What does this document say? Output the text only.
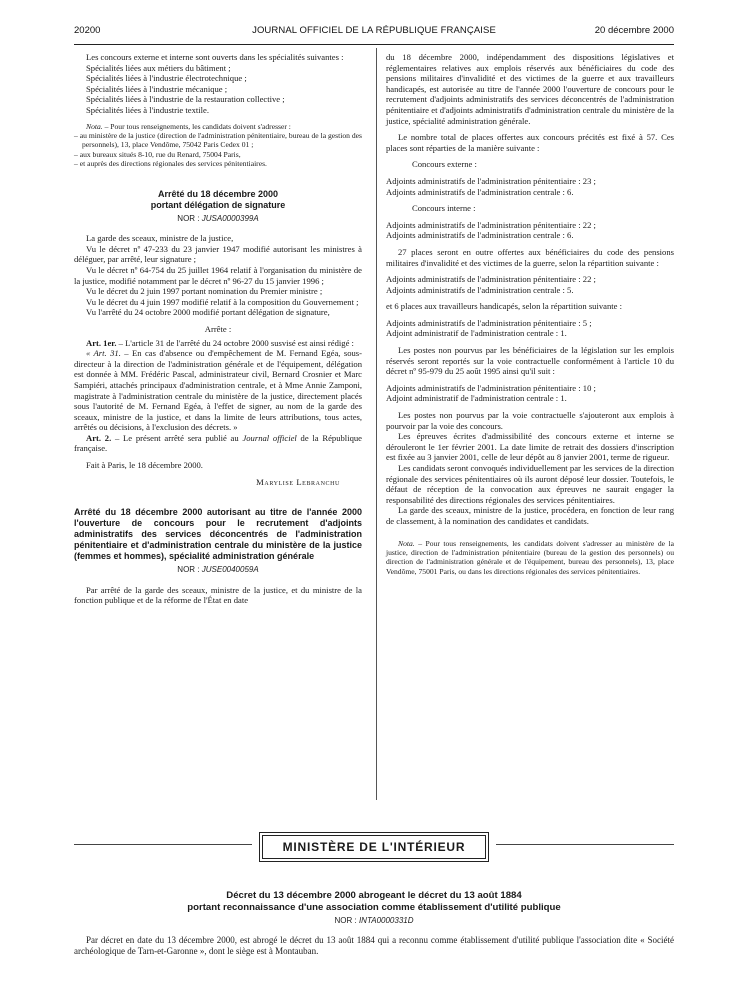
20200	JOURNAL OFFICIEL DE LA RÉPUBLIQUE FRANÇAISE	20 décembre 2000

Les concours externe et interne sont ouverts dans les spécialités suivantes :

Spécialités liées aux métiers du bâtiment ;

Spécialités liées à l'industrie électrotechnique ;

Spécialités liées à l'industrie mécanique ;

Spécialités liées à l'industrie de la restauration collective ;

Spécialités liées à l'industrie textile.

Nota. – Pour tous renseignements, les candidats doivent s'adresser :

– au ministère de la justice (direction de l'administration pénitentiaire, bureau de la gestion des personnels), 13, place Vendôme, 75042 Paris Cedex 01 ;

– aux bureaux situés 8-10, rue du Renard, 75004 Paris,

– et auprès des directions régionales des services pénitentiaires.

Arrêté du 18 décembre 2000
portant délégation de signature

NOR : JUSA0000399A

La garde des sceaux, ministre de la justice,

Vu le décret nº 47-233 du 23 janvier 1947 modifié autorisant les ministres à déléguer, par arrêté, leur signature ;

Vu le décret nº 64-754 du 25 juillet 1964 relatif à l'organisation du ministère de la justice, modifié notamment par le décret nº 96-27 du 15 janvier 1996 ;

Vu le décret du 2 juin 1997 portant nomination du Premier ministre ;

Vu le décret du 4 juin 1997 modifié relatif à la composition du Gouvernement ;

Vu l'arrêté du 24 octobre 2000 modifié portant délégation de signature,

Arrête :

Art. 1er. – L'article 31 de l'arrêté du 24 octobre 2000 susvisé est ainsi rédigé :

« Art. 31. – En cas d'absence ou d'empêchement de M. Fernand Egéa, sous-directeur à la direction de l'administration générale et de l'équipement, délégation est donnée à MM. Frédéric Pascal, administrateur civil, Bernard Crosnier et Marc Sampiéri, attachés principaux d'administration centrale, et à Mme Annie Zamponi, magistrate à l'administration centrale du ministère de la justice, directement placés sous l'autorité de M. Fernand Egéa, à l'effet de signer, au nom de la garde des sceaux, ministre de la justice, et dans la limite de leurs attributions, tous actes, arrêtés ou décisions, à l'exclusion des décrets. »

Art. 2. – Le présent arrêté sera publié au Journal officiel de la République française.

Fait à Paris, le 18 décembre 2000.

Marylise Lebranchu

Arrêté du 18 décembre 2000 autorisant au titre de l'année 2000 l'ouverture de concours pour le recrutement d'adjoints administratifs des services déconcentrés de l'administration pénitentiaire et d'administration centrale du ministère de la justice (femmes et hommes), spécialité administration générale

NOR : JUSE0040059A

Par arrêté de la garde des sceaux, ministre de la justice, et du ministre de la fonction publique et de la réforme de l'État en date

du 18 décembre 2000, indépendamment des dispositions législatives et réglementaires relatives aux emplois réservés aux bénéficiaires du code des pensions militaires d'invalidité et des victimes de la guerre et aux travailleurs handicapés, est autorisée au titre de l'année 2000 l'ouverture de concours pour le recrutement d'adjoints administratifs des services déconcentrés de l'administration pénitentiaire et d'adjoints administratifs d'administration centrale du ministère de la justice, spécialité administration générale.

Le nombre total de places offertes aux concours précités est fixé à 57. Ces places sont réparties de la manière suivante :

Concours externe :

Adjoints administratifs de l'administration pénitentiaire : 23 ;

Adjoints administratifs de l'administration centrale : 6.

Concours interne :

Adjoints administratifs de l'administration pénitentiaire : 22 ;

Adjoints administratifs de l'administration centrale : 6.

27 places seront en outre offertes aux bénéficiaires du code des pensions militaires d'invalidité et des victimes de la guerre, selon la répartition suivante :

Adjoints administratifs de l'administration pénitentiaire : 22 ;

Adjoints administratifs de l'administration centrale : 5.

et 6 places aux travailleurs handicapés, selon la répartition suivante :

Adjoints administratifs de l'administration pénitentiaire : 5 ;

Adjoint administratif de l'administration centrale : 1.

Les postes non pourvus par les bénéficiaires de la législation sur les emplois réservés seront reportés sur la voie contractuelle conformément à l'article 10 du décret nº 95-979 du 25 août 1995 ainsi qu'il suit :

Adjoints administratifs de l'administration pénitentiaire : 10 ;

Adjoint administratif de l'administration centrale : 1.

Les postes non pourvus par la voie contractuelle s'ajouteront aux emplois à pourvoir par la voie des concours.

Les épreuves écrites d'admissibilité des concours externe et interne se dérouleront le 1er février 2001. La date limite de retrait des dossiers d'inscription est fixée au 3 janvier 2001, celle de leur dépôt au 8 janvier 2001, terme de rigueur.

Les candidats seront convoqués individuellement par les services de la direction régionale des services pénitentiaires où ils auront déposé leur dossier. Toutefois, le défaut de réception de la convocation aux épreuves ne saurait engager la responsabilité des directions régionales des services pénitentiaires.

La garde des sceaux, ministre de la justice, procédera, en fonction de leur rang de classement, à la nomination des candidates et candidats.

Nota. – Pour tous renseignements, les candidats doivent s'adresser au ministère de la justice, direction de l'administration pénitentiaire (bureau de la gestion des personnels) ou direction de l'administration générale et de l'équipement, bureau des personnels), 13, place Vendôme, 75001 Paris, ou dans les directions régionales des services pénitentiaires.

MINISTÈRE DE L'INTÉRIEUR

Décret du 13 décembre 2000 abrogeant le décret du 13 août 1884
portant reconnaissance d'une association comme établissement d'utilité publique

NOR : INTA0000331D

Par décret en date du 13 décembre 2000, est abrogé le décret du 13 août 1884 qui a reconnu comme établissement d'utilité publique l'association dite « Société archéologique de Tarn-et-Garonne », dont le siège est à Montauban.
